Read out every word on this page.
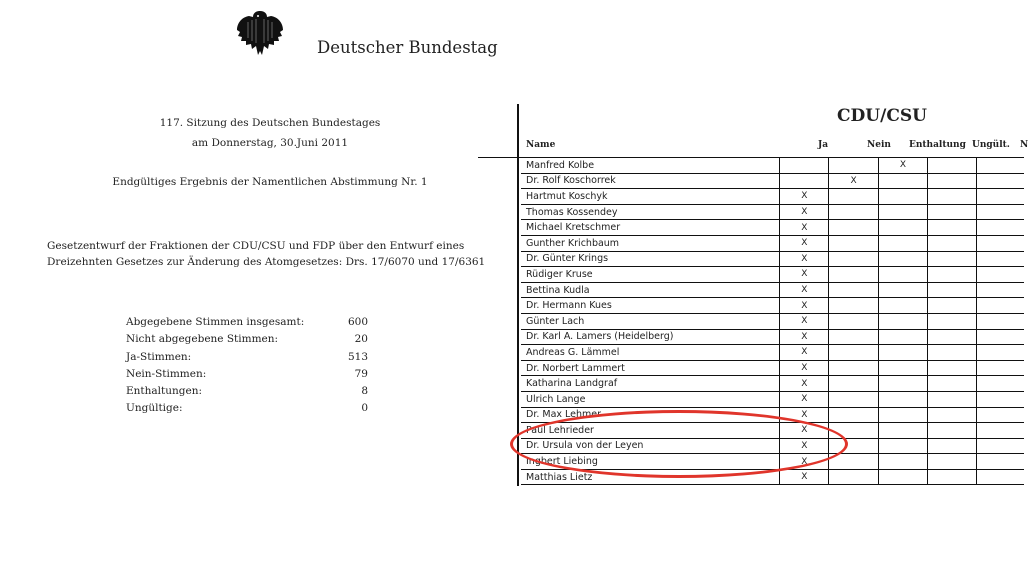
Deutscher Bundestag
117. Sitzung des Deutschen Bundestages
am Donnerstag, 30.Juni 2011
Endgültiges Ergebnis der Namentlichen Abstimmung Nr. 1
Gesetzentwurf der Fraktionen der CDU/CSU und FDP über den Entwurf eines
Dreizehnten Gesetzes zur Änderung des Atomgesetzes: Drs. 17/6070 und 17/6361
Abgegebene Stimmen insgesamt:	600
Nicht abgegebene Stimmen:	20
Ja-Stimmen:	513
Nein-Stimmen:	79
Enthaltungen:	8
Ungültige:	0
CDU/CSU
Name	Ja	Nein Enthaltung Ungült. N
Manfred Kolbe			X		
Dr. Rolf Koschorrek		X			
Hartmut Koschyk	X				
Thomas Kossendey	X				
Michael Kretschmer	X				
Gunther Krichbaum	X				
Dr. Günter Krings	X				
Rüdiger Kruse	X				
Bettina Kudla	X				
Dr. Hermann Kues	X				
Günter Lach	X				
Dr. Karl A. Lamers (Heidelberg)	X				
Andreas G. Lämmel	X				
Dr. Norbert Lammert	X				
Katharina Landgraf	X				
Ulrich Lange	X				
Dr. Max Lehmer	X				
Paul Lehrieder	X				
Dr. Ursula von der Leyen	X				
Ingbert Liebing	X				
Matthias Lietz	X				
